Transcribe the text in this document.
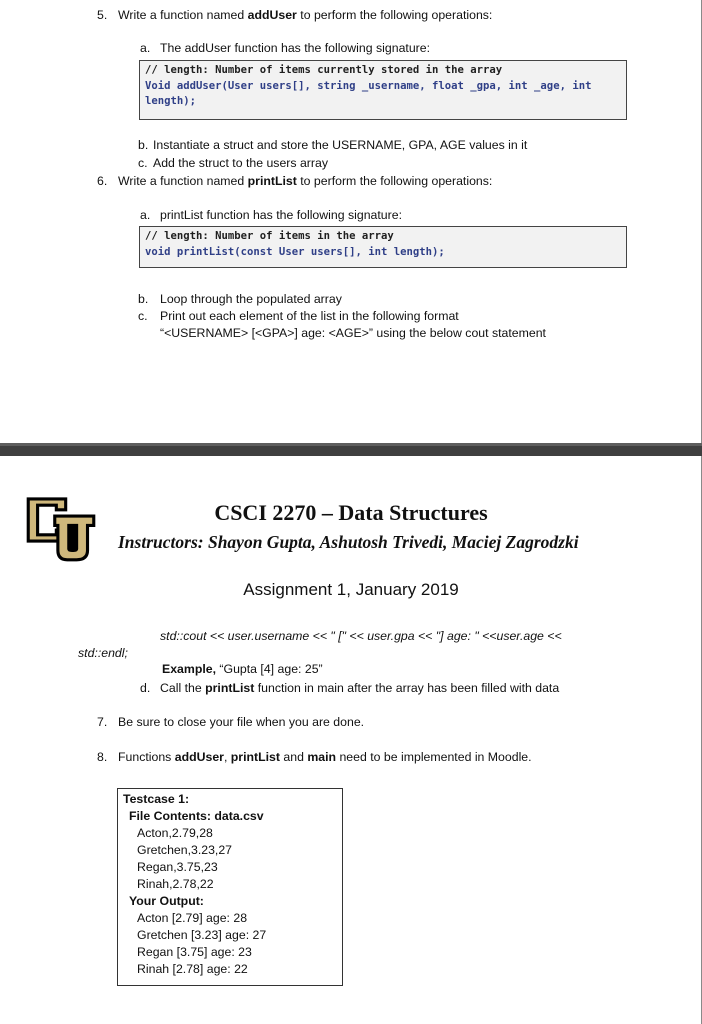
5. Write a function named addUser to perform the following operations:
a. The addUser function has the following signature:
// length: Number of items currently stored in the array
Void addUser(User users[], string _username, float _gpa, int _age, int
length);
b. Instantiate a struct and store the USERNAME, GPA, AGE values in it
c. Add the struct to the users array
6. Write a function named printList to perform the following operations:
a. printList function has the following signature:
// length: Number of items in the array
void printList(const User users[], int length);
b. Loop through the populated array
c. Print out each element of the list in the following format
“<USERNAME> [<GPA>] age: <AGE>” using the below cout statement
CSCI 2270 – Data Structures
Instructors: Shayon Gupta, Ashutosh Trivedi, Maciej Zagrodzki
Assignment 1, January 2019
std::cout << user.username << " [" << user.gpa << "] age: " <<user.age <<
std::endl;
Example, “Gupta [4] age: 25”
d. Call the printList function in main after the array has been filled with data
7. Be sure to close your file when you are done.
8. Functions addUser, printList and main need to be implemented in Moodle.
Testcase 1:
File Contents: data.csv
Acton,2.79,28
Gretchen,3.23,27
Regan,3.75,23
Rinah,2.78,22
Your Output:
Acton [2.79] age: 28
Gretchen [3.23] age: 27
Regan [3.75] age: 23
Rinah [2.78] age: 22
